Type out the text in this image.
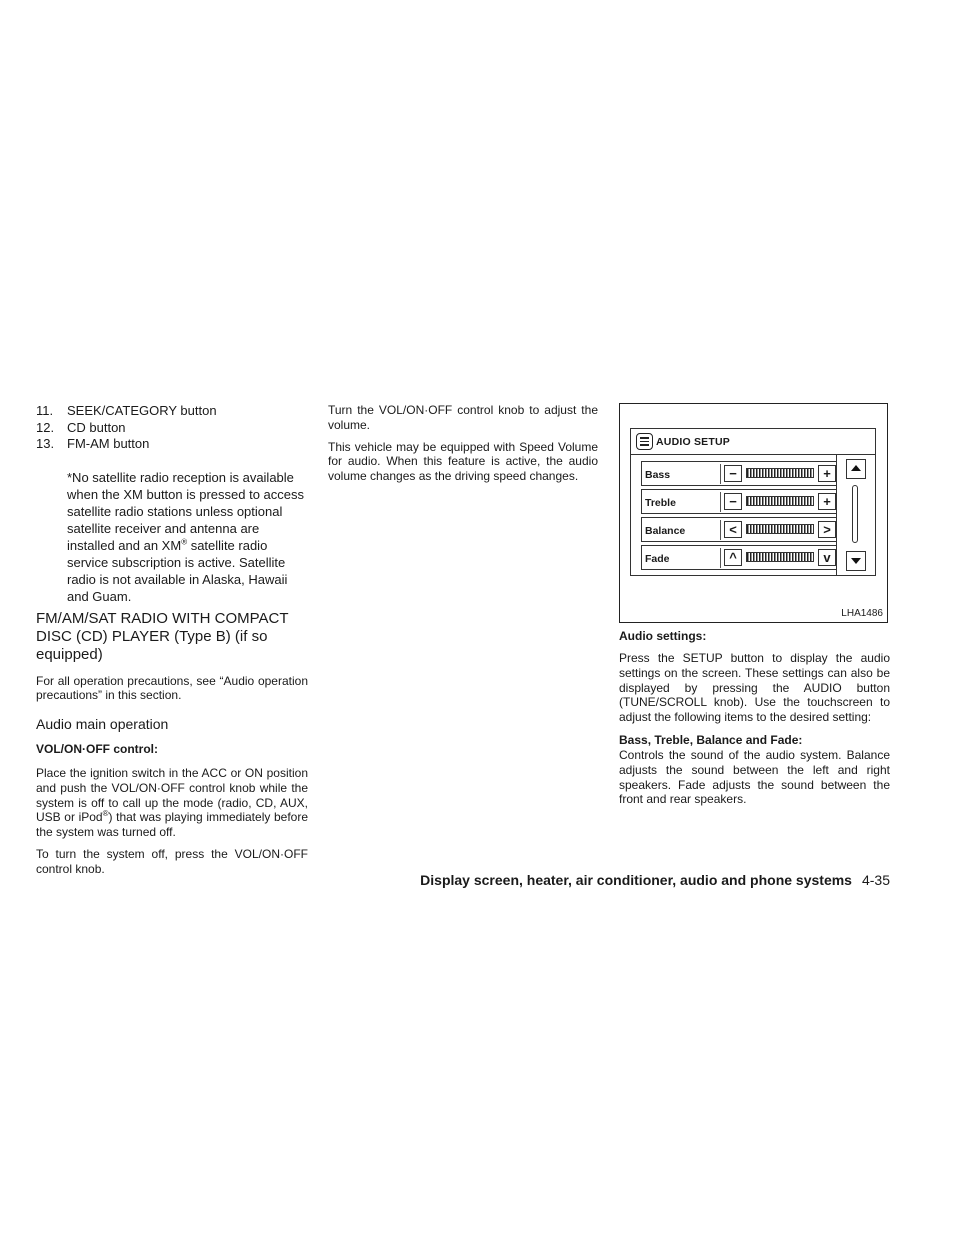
11.	SEEK/CATEGORY button
12. CD button
13. FM-AM button

*No satellite radio reception is available when the XM button is pressed to access satellite radio stations unless optional satellite receiver and antenna are installed and an XM® satellite radio service subscription is active. Satellite radio is not available in Alaska, Hawaii and Guam.

FM/AM/SAT RADIO WITH COMPACT DISC (CD) PLAYER (Type B) (if so equipped)

For all operation precautions, see “Audio operation precautions” in this section.

Audio main operation

VOL/ON·OFF control:

Place the ignition switch in the ACC or ON position and push the VOL/ON·OFF control knob while the system is off to call up the mode (radio, CD, AUX, USB or iPod®) that was playing immediately before the system was turned off.

To turn the system off, press the VOL/ON·OFF control knob.

Turn the VOL/ON·OFF control knob to adjust the volume.

This vehicle may be equipped with Speed Volume for audio. When this feature is active, the audio volume changes as the driving speed changes.

AUDIO SETUP
Bass	−	+
Treble	−	+
Balance	<	>
Fade	^	v
LHA1486

Audio settings:

Press the SETUP button to display the audio settings on the screen. These settings can also be displayed by pressing the AUDIO button (TUNE/SCROLL knob). Use the touchscreen to adjust the following items to the desired setting:

Bass, Treble, Balance and Fade:

Controls the sound of the audio system. Balance adjusts the sound between the left and right speakers. Fade adjusts the sound between the front and rear speakers.

Display screen, heater, air conditioner, audio and phone systems 4-35
